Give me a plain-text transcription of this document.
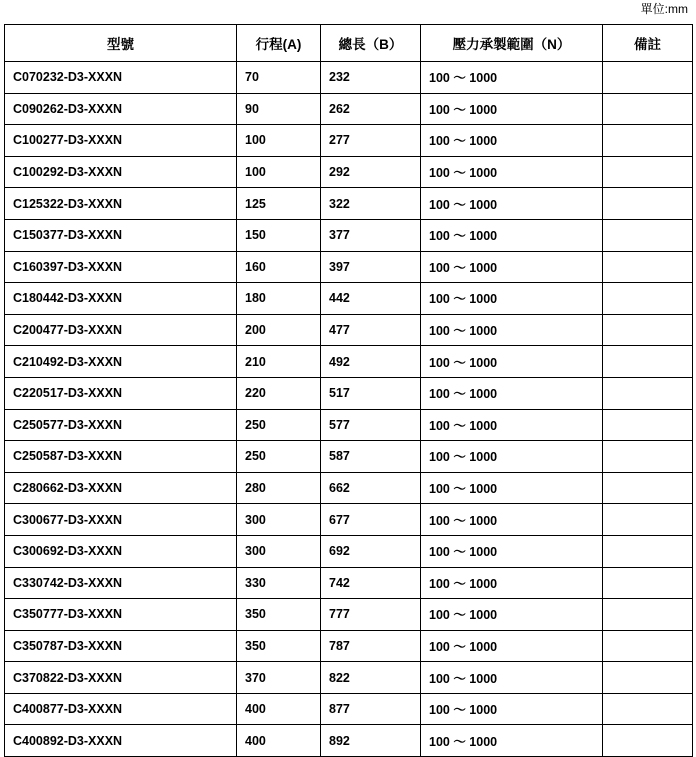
單位:mm
型號	行程(A)	總長（B）	壓力承製範圍（N）	備註
C070232-D3-XXXN	70	232	100 ～ 1000	
C090262-D3-XXXN	90	262	100 ～ 1000	
C100277-D3-XXXN	100	277	100 ～ 1000	
C100292-D3-XXXN	100	292	100 ～ 1000	
C125322-D3-XXXN	125	322	100 ～ 1000	
C150377-D3-XXXN	150	377	100 ～ 1000	
C160397-D3-XXXN	160	397	100 ～ 1000	
C180442-D3-XXXN	180	442	100 ～ 1000	
C200477-D3-XXXN	200	477	100 ～ 1000	
C210492-D3-XXXN	210	492	100 ～ 1000	
C220517-D3-XXXN	220	517	100 ～ 1000	
C250577-D3-XXXN	250	577	100 ～ 1000	
C250587-D3-XXXN	250	587	100 ～ 1000	
C280662-D3-XXXN	280	662	100 ～ 1000	
C300677-D3-XXXN	300	677	100 ～ 1000	
C300692-D3-XXXN	300	692	100 ～ 1000	
C330742-D3-XXXN	330	742	100 ～ 1000	
C350777-D3-XXXN	350	777	100 ～ 1000	
C350787-D3-XXXN	350	787	100 ～ 1000	
C370822-D3-XXXN	370	822	100 ～ 1000	
C400877-D3-XXXN	400	877	100 ～ 1000	
C400892-D3-XXXN	400	892	100 ～ 1000	
